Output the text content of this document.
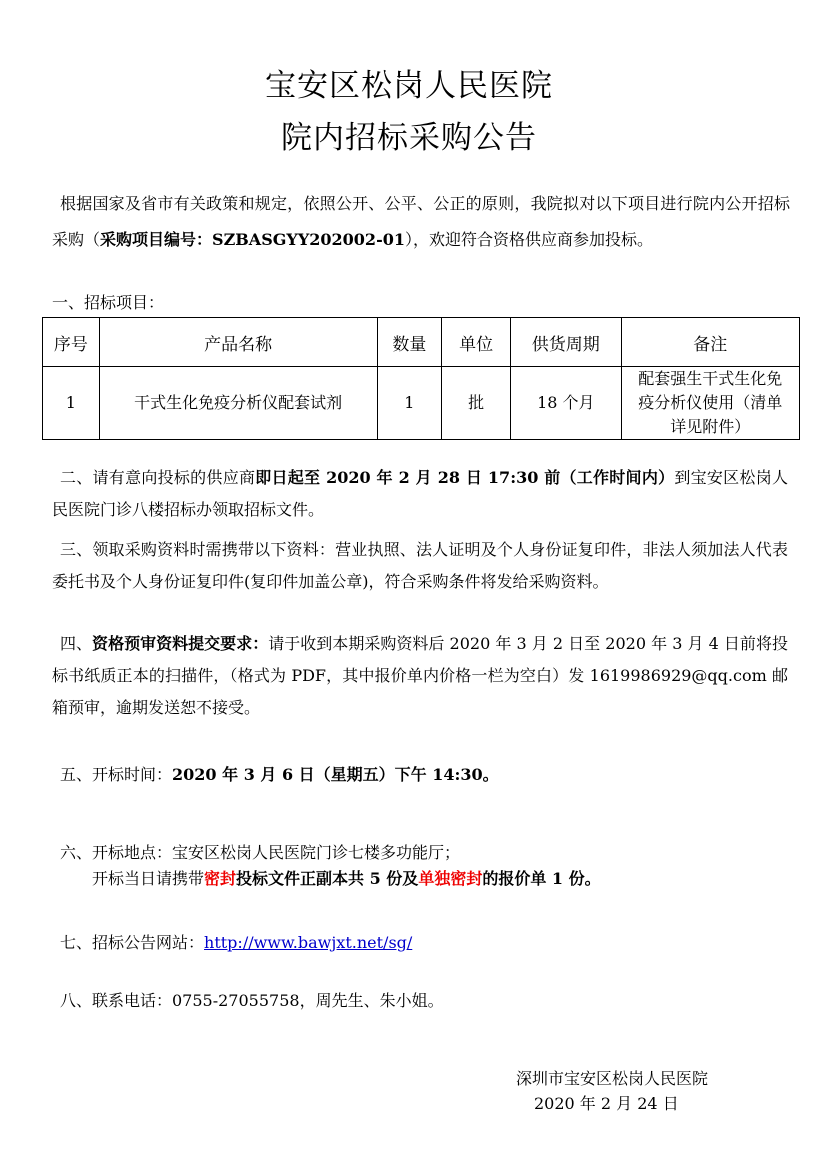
宝安区松岗人民医院
院内招标采购公告
根据国家及省市有关政策和规定，依照公开、公平、公正的原则，我院拟对以下项目进行院内公开招标采购（采购项目编号：SZBASGYY202002-01），欢迎符合资格供应商参加投标。
一、招标项目：
序号	产品名称	数量	单位	供货周期	备注
1	干式生化免疫分析仪配套试剂	1	批	18 个月	配套强生干式生化免疫分析仪使用（清单详见附件）
二、请有意向投标的供应商即日起至 2020 年 2 月 28 日 17:30 前（工作时间内）到宝安区松岗人民医院门诊八楼招标办领取招标文件。
三、领取采购资料时需携带以下资料：营业执照、法人证明及个人身份证复印件，非法人须加法人代表委托书及个人身份证复印件(复印件加盖公章)，符合采购条件将发给采购资料。
四、资格预审资料提交要求：请于收到本期采购资料后 2020 年 3 月 2 日至 2020 年 3 月 4 日前将投标书纸质正本的扫描件，（格式为 PDF，其中报价单内价格一栏为空白）发 1619986929@qq.com 邮箱预审，逾期发送恕不接受。
五、开标时间：2020 年 3 月 6 日（星期五）下午 14:30。
六、开标地点：宝安区松岗人民医院门诊七楼多功能厅；
开标当日请携带密封投标文件正副本共 5 份及单独密封的报价单 1 份。
七、招标公告网站：http://www.bawjxt.net/sg/
八、联系电话：0755-27055758，周先生、朱小姐。
深圳市宝安区松岗人民医院
2020 年 2 月 24 日
